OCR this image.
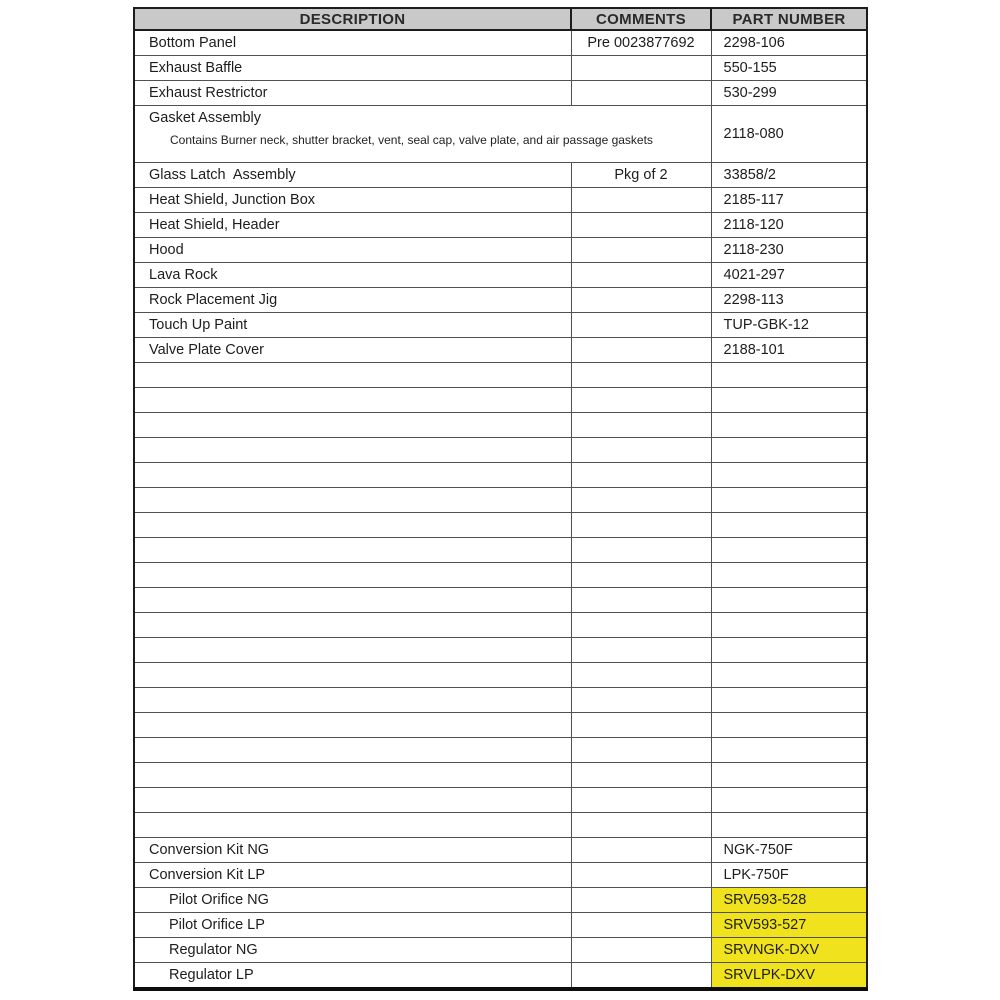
DESCRIPTION	COMMENTS	PART NUMBER
Bottom Panel	Pre 0023877692	2298-106
Exhaust Baffle		550-155
Exhaust Restrictor		530-299

Gasket Assembly
Contains Burner neck, shutter bracket, vent, seal cap, valve plate, and air passage gaskets		2118-080
Glass Latch  Assembly	Pkg of 2	33858/2
Heat Shield, Junction Box		2185-117
Heat Shield, Header		2118-120
Hood		2118-230
Lava Rock		4021-297
Rock Placement Jig		2298-113
Touch Up Paint		TUP-GBK-12
Valve Plate Cover		2188-101

Conversion Kit NG		NGK-750F
Conversion Kit LP		LPK-750F
Pilot Orifice NG		SRV593-528
Pilot Orifice LP		SRV593-527
Regulator NG		SRVNGK-DXV
Regulator LP		SRVLPK-DXV
